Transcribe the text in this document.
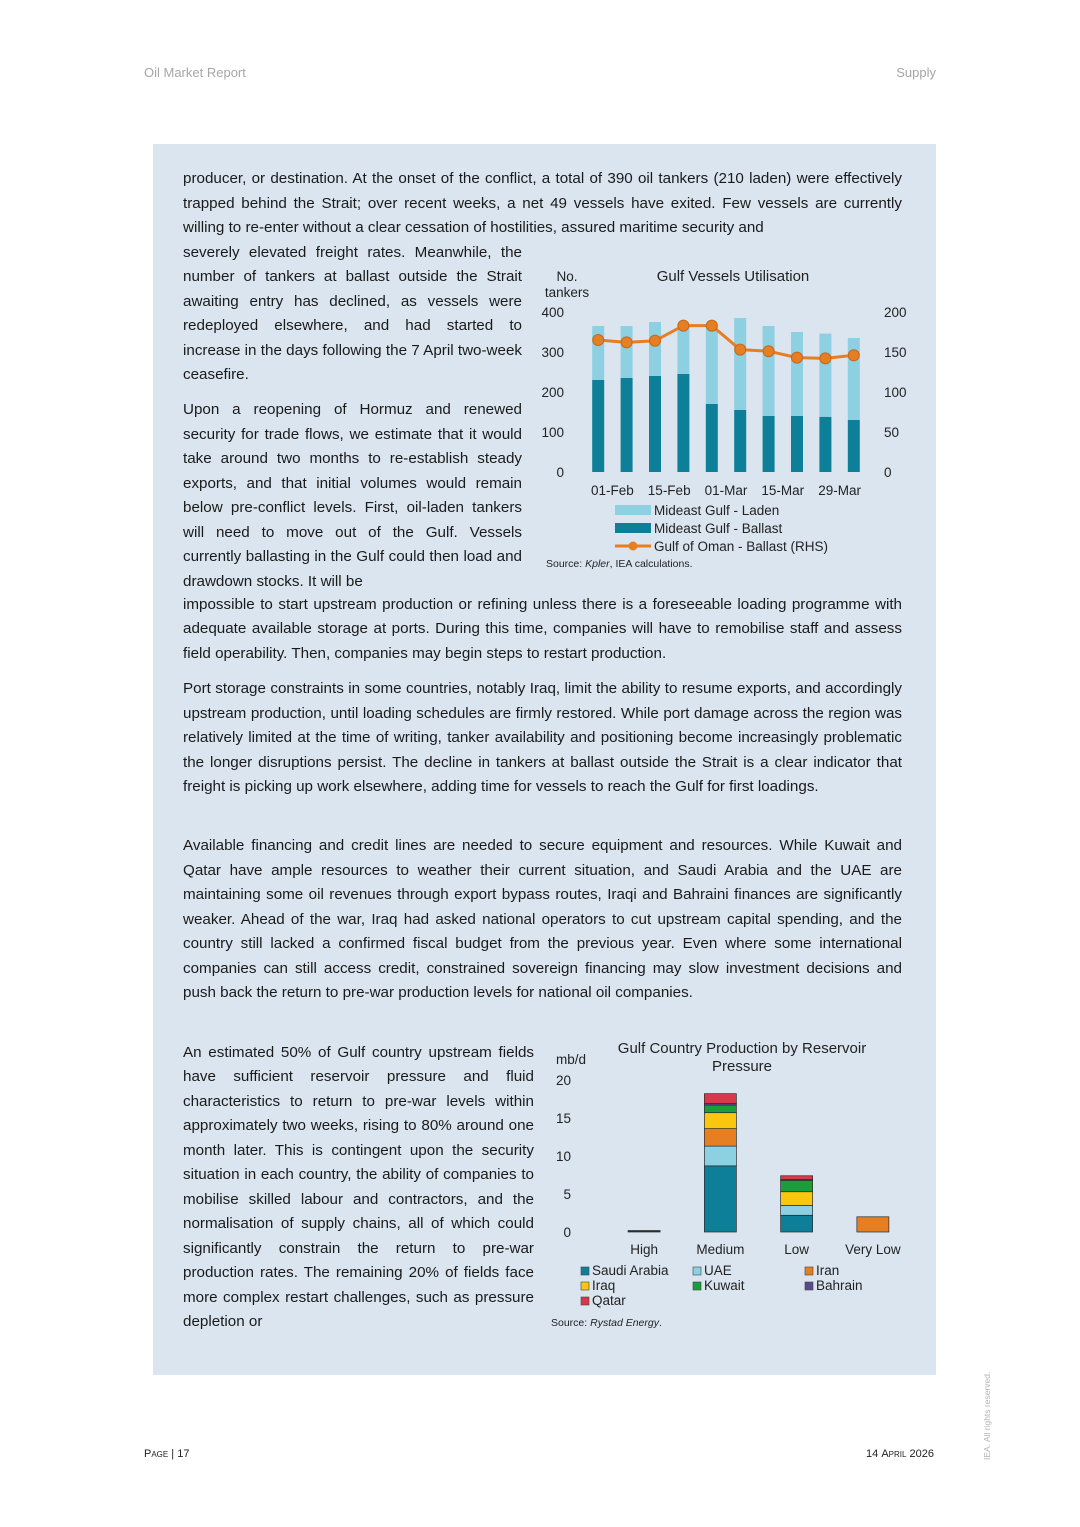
Oil Market Report	Supply
producer, or destination. At the onset of the conflict, a total of 390 oil tankers (210 laden) were effectively trapped behind the Strait; over recent weeks, a net 49 vessels have exited. Few vessels are currently willing to re-enter without a clear cessation of hostilities, assured maritime security and
severely elevated freight rates. Meanwhile, the number of tankers at ballast outside the Strait awaiting entry has declined, as vessels were redeployed elsewhere, and had started to increase in the days following the 7 April two-week ceasefire.
Upon a reopening of Hormuz and renewed security for trade flows, we estimate that it would take around two months to re-establish steady exports, and that initial volumes would remain below pre-conflict levels. First, oil-laden tankers will need to move out of the Gulf. Vessels currently ballasting in the Gulf could then load and drawdown stocks. It will be
impossible to start upstream production or refining unless there is a foreseeable loading programme with adequate available storage at ports. During this time, companies will have to remobilise staff and assess field operability. Then, companies may begin steps to restart production.
Port storage constraints in some countries, notably Iraq, limit the ability to resume exports, and accordingly upstream production, until loading schedules are firmly restored. While port damage across the region was relatively limited at the time of writing, tanker availability and positioning become increasingly problematic the longer disruptions persist. The decline in tankers at ballast outside the Strait is a clear indicator that freight is picking up work elsewhere, adding time for vessels to reach the Gulf for first loadings.
Available financing and credit lines are needed to secure equipment and resources. While Kuwait and Qatar have ample resources to weather their current situation, and Saudi Arabia and the UAE are maintaining some oil revenues through export bypass routes, Iraqi and Bahraini finances are significantly weaker. Ahead of the war, Iraq had asked national operators to cut upstream capital spending, and the country still lacked a confirmed fiscal budget from the previous year. Even where some international companies can still access credit, constrained sovereign financing may slow investment decisions and push back the return to pre-war production levels for national oil companies.
An estimated 50% of Gulf country upstream fields have sufficient reservoir pressure and fluid characteristics to return to pre-war levels within approximately two weeks, rising to 80% around one month later. This is contingent upon the security situation in each country, the ability of companies to mobilise skilled labour and contractors, and the normalisation of supply chains, all of which could significantly constrain the return to pre-war production rates. The remaining 20% of fields face more complex restart challenges, such as pressure depletion or
Gulf Vessels Utilisation
No.
tankers
0
100
200
300
400
0
50
100
150
200
01-Feb 15-Feb 01-Mar 15-Mar 29-Mar
Mideast Gulf - Laden
Mideast Gulf - Ballast
Gulf of Oman - Ballast (RHS)
Source: Kpler, IEA calculations.
Gulf Country Production by Reservoir
Pressure
mb/d
0
5
10
15
20
High	Medium	Low	Very Low
Saudi Arabia	UAE	Iran
Iraq	Kuwait	Bahrain
Qatar
Source: Rystad Energy.
Page | 17	14 April 2026	IEA. All rights reserved.
